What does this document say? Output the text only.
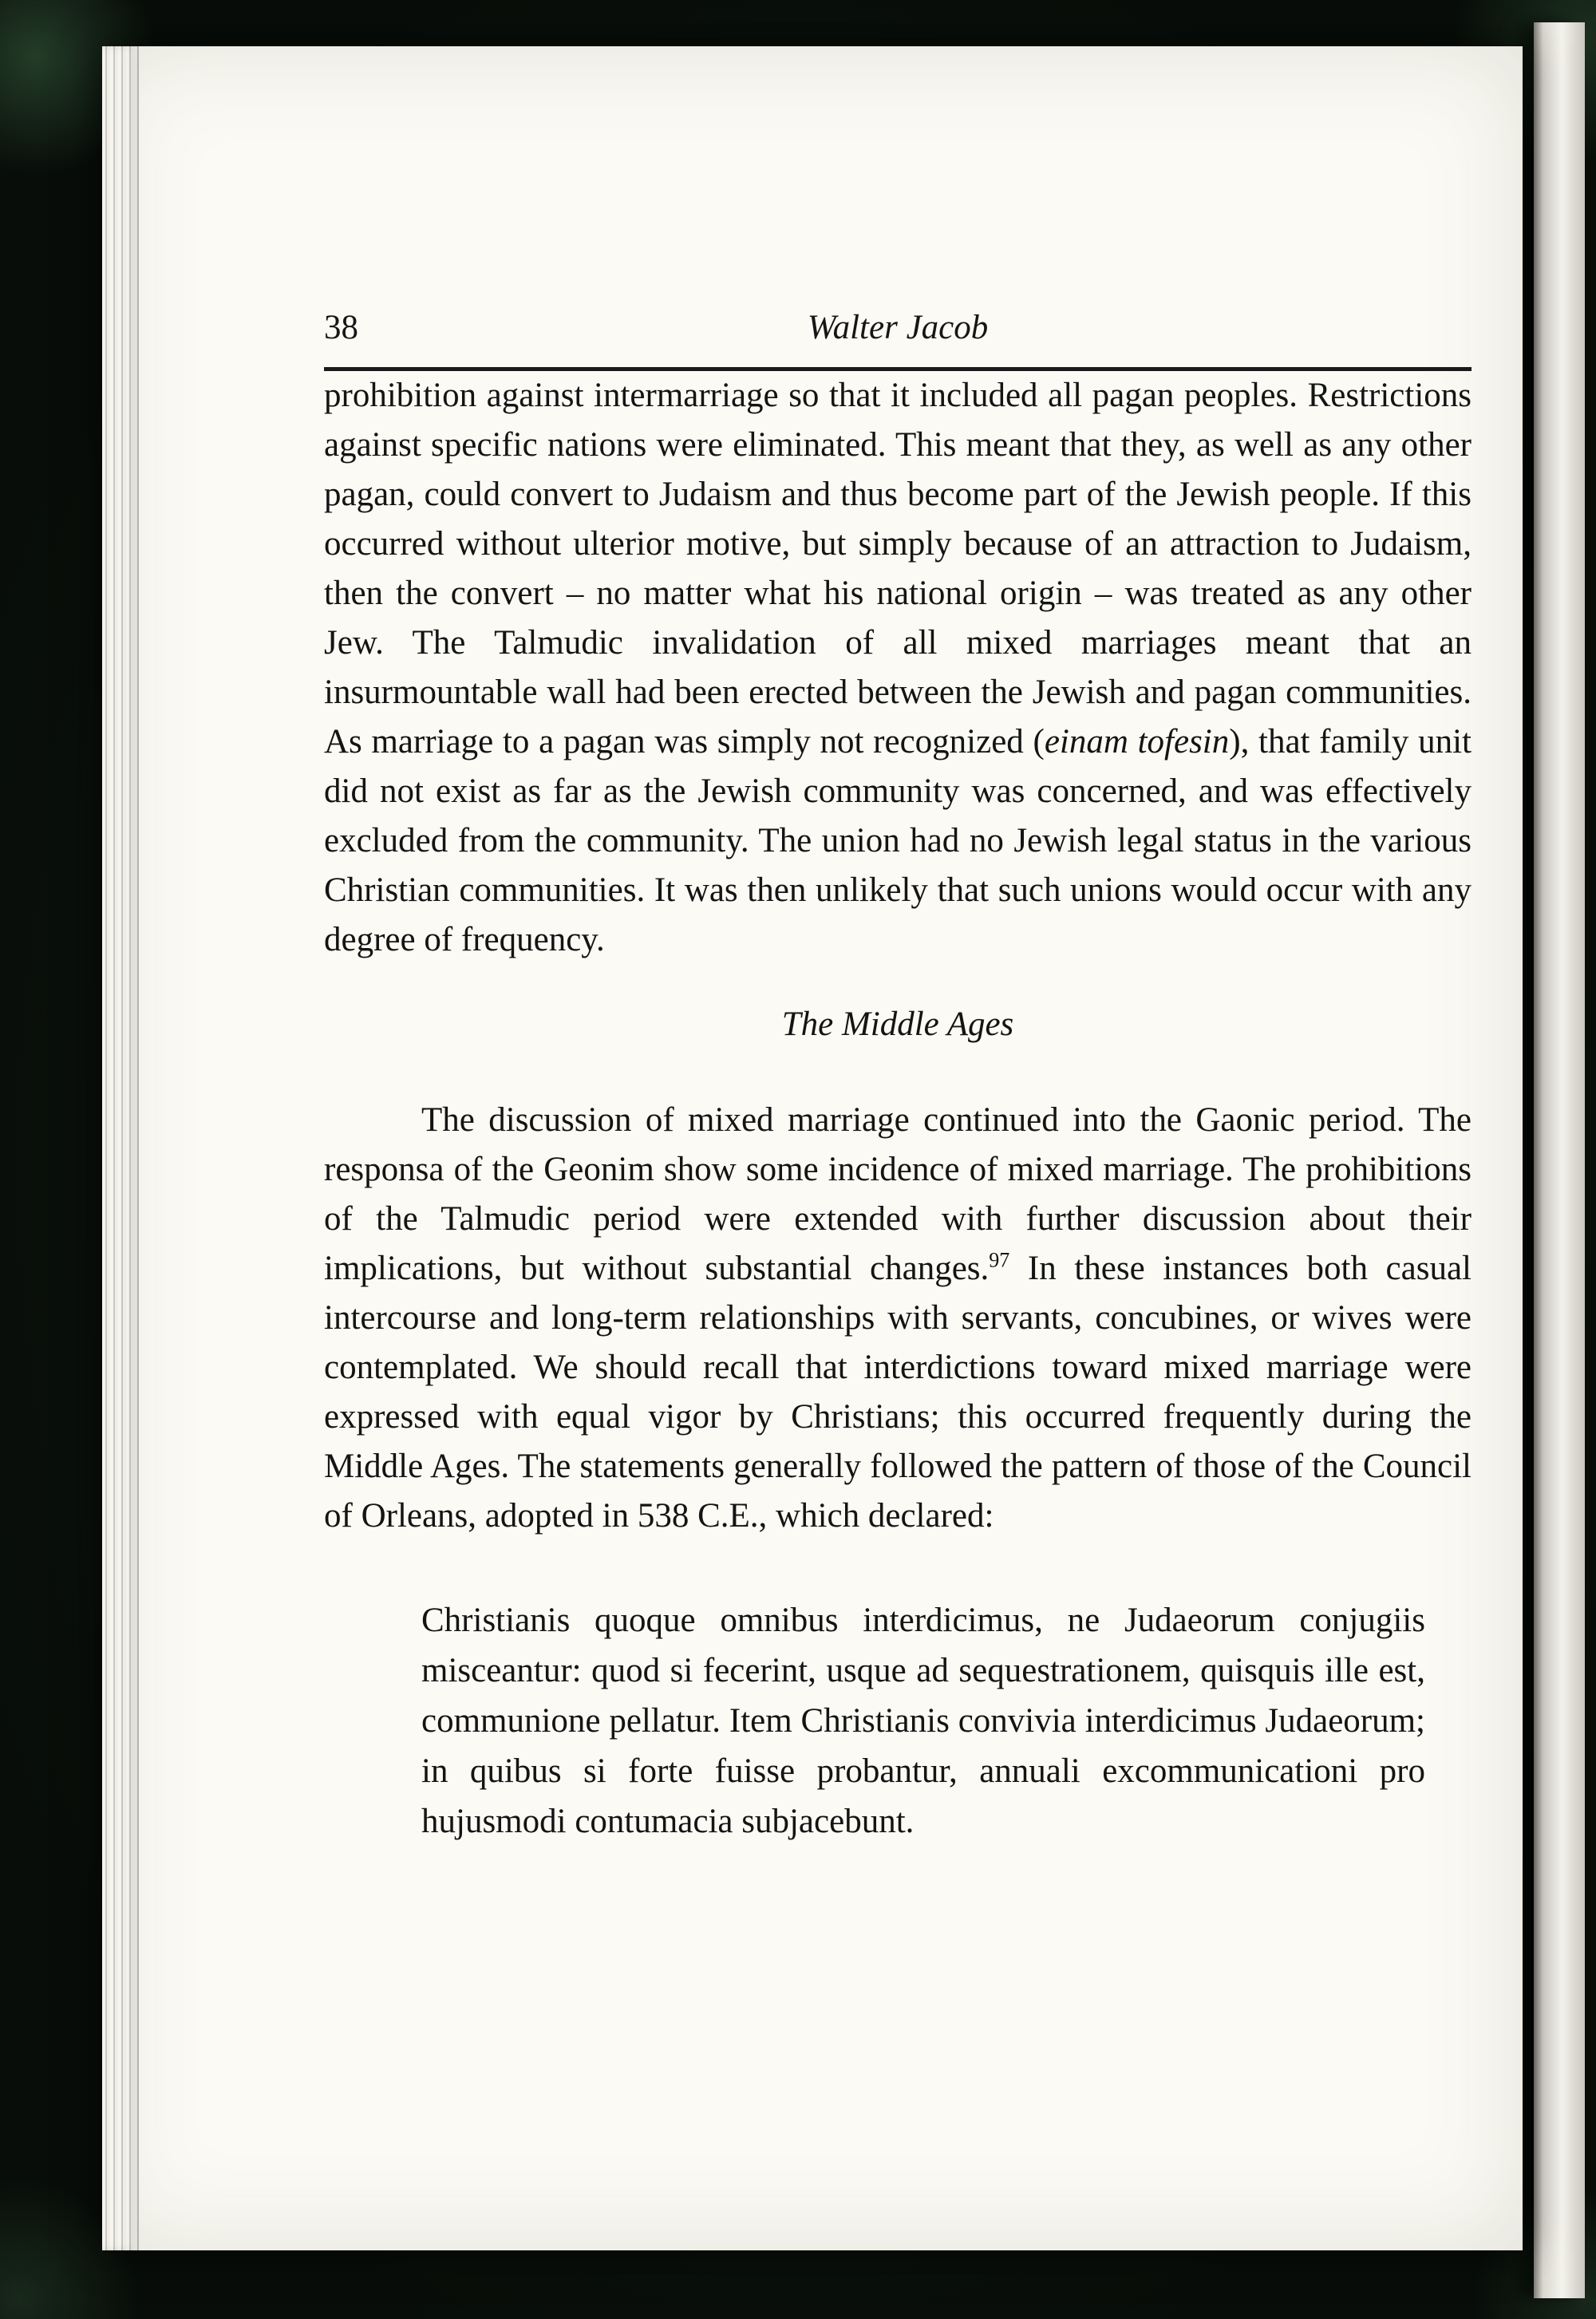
38	Walter Jacob

prohibition against intermarriage so that it included all pagan peoples. Restrictions against specific nations were eliminated. This meant that they, as well as any other pagan, could convert to Judaism and thus become part of the Jewish people. If this occurred without ulterior motive, but simply because of an attraction to Judaism, then the convert – no matter what his national origin – was treated as any other Jew. The Talmudic invalidation of all mixed marriages meant that an insurmountable wall had been erected between the Jewish and pagan communities. As marriage to a pagan was simply not recognized (einam tofesin), that family unit did not exist as far as the Jewish community was concerned, and was effectively excluded from the community. The union had no Jewish legal status in the various Christian communities. It was then unlikely that such unions would occur with any degree of frequency.

The Middle Ages

The discussion of mixed marriage continued into the Gaonic period. The responsa of the Geonim show some incidence of mixed marriage. The prohibitions of the Talmudic period were extended with further discussion about their implications, but without substantial changes.$^{97}$ In these instances both casual intercourse and long-term relationships with servants, concubines, or wives were contemplated. We should recall that interdictions toward mixed marriage were expressed with equal vigor by Christians; this occurred frequently during the Middle Ages. The statements generally followed the pattern of those of the Council of Orleans, adopted in 538 C.E., which declared:

Christianis quoque omnibus interdicimus, ne Judaeorum conjugiis misceantur: quod si fecerint, usque ad sequestrationem, quisquis ille est, communione pellatur. Item Christianis convivia interdicimus Judaeorum; in quibus si forte fuisse probantur, annuali excommunicationi pro hujusmodi contumacia subjacebunt.
